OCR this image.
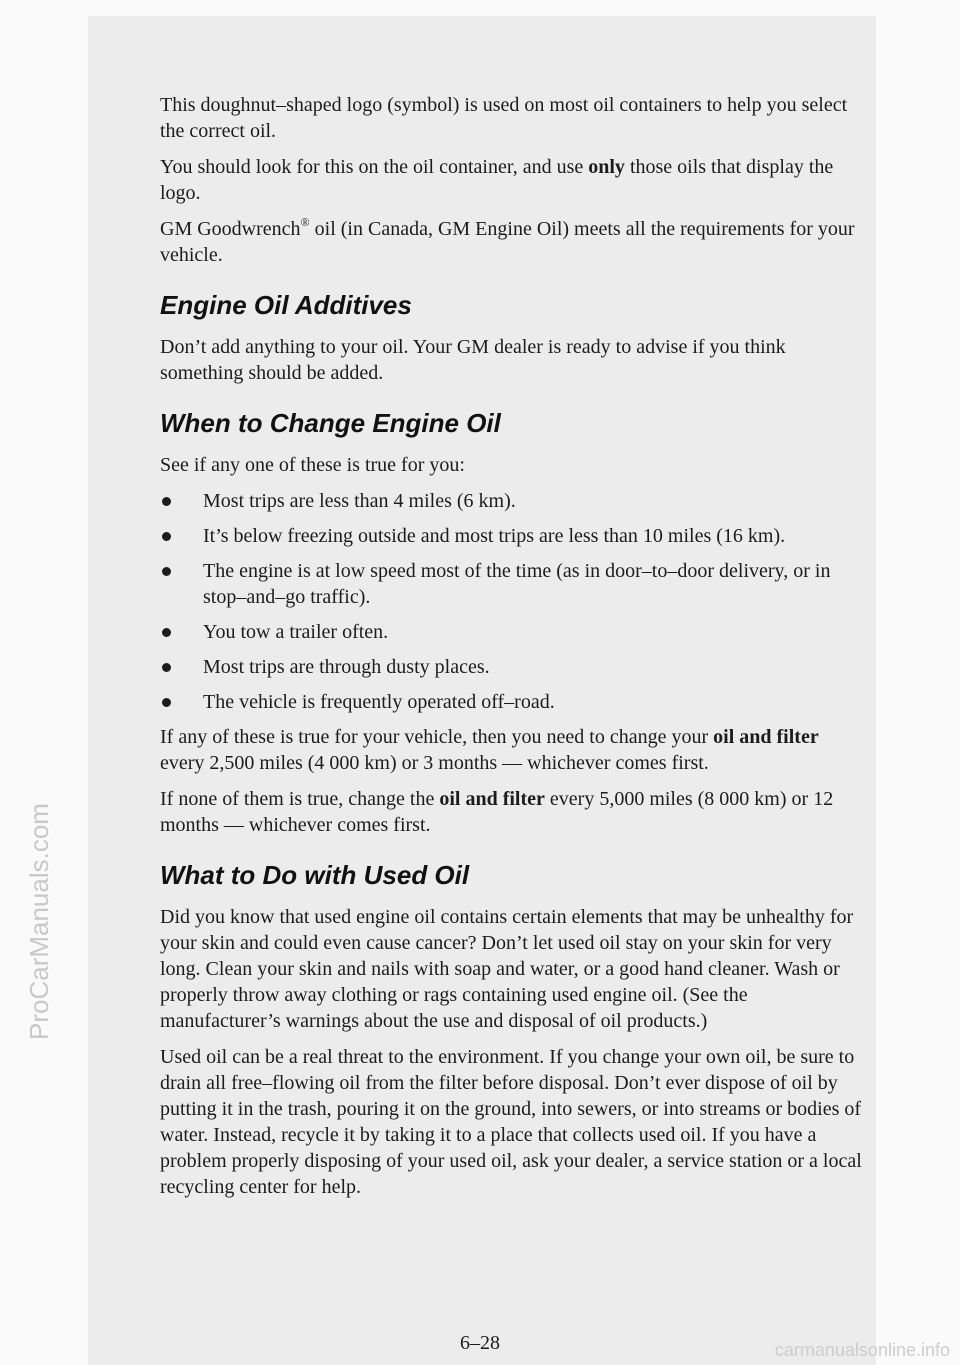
This doughnut–shaped logo (symbol) is used on most oil containers to help you select the correct oil.

You should look for this on the oil container, and use only those oils that display the logo.

GM Goodwrench® oil (in Canada, GM Engine Oil) meets all the requirements for your vehicle.

Engine Oil Additives

Don’t add anything to your oil. Your GM dealer is ready to advise if you think something should be added.

When to Change Engine Oil

See if any one of these is true for you:

Most trips are less than 4 miles (6 km).
It’s below freezing outside and most trips are less than 10 miles (16 km).
The engine is at low speed most of the time (as in door–to–door delivery, or in stop–and–go traffic).
You tow a trailer often.
Most trips are through dusty places.
The vehicle is frequently operated off–road.

If any of these is true for your vehicle, then you need to change your oil and filter every 2,500 miles (4 000 km) or 3 months — whichever comes first.

If none of them is true, change the oil and filter every 5,000 miles (8 000 km) or 12 months — whichever comes first.

What to Do with Used Oil

Did you know that used engine oil contains certain elements that may be unhealthy for your skin and could even cause cancer? Don’t let used oil stay on your skin for very long. Clean your skin and nails with soap and water, or a good hand cleaner. Wash or properly throw away clothing or rags containing used engine oil. (See the manufacturer’s warnings about the use and disposal of oil products.)

Used oil can be a real threat to the environment. If you change your own oil, be sure to drain all free–flowing oil from the filter before disposal. Don’t ever dispose of oil by putting it in the trash, pouring it on the ground, into sewers, or into streams or bodies of water. Instead, recycle it by taking it to a place that collects used oil. If you have a problem properly disposing of your used oil, ask your dealer, a service station or a local recycling center for help.

6–28
ProCarManuals.com
carmanualsonline.info
